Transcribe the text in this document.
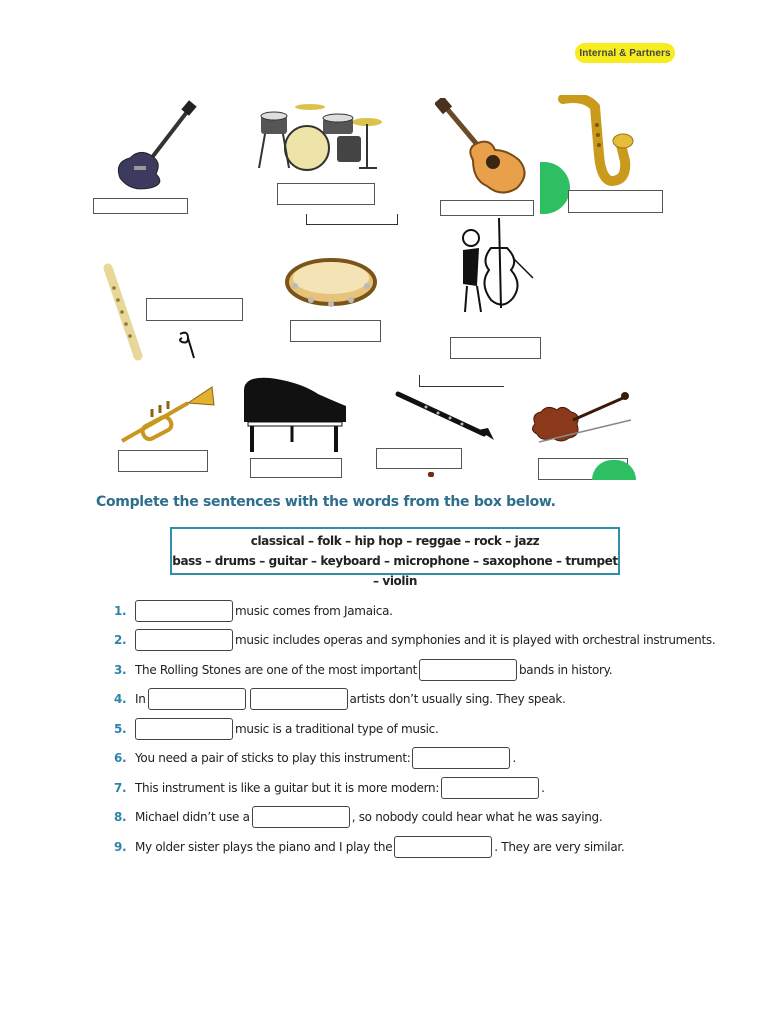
Internal & Partners
Complete the sentences with the words from the box below.
classical – folk – hip hop – reggae – rock – jazz
bass – drums – guitar – keyboard – microphone – saxophone – trumpet – violin
1.	music comes from Jamaica.
2.	music includes operas and symphonies and it is played with orchestral instruments.
3. The Rolling Stones are one of the most important	bands in history.
4. In	artists don’t usually sing. They speak.
5.	music is a traditional type of music.
6. You need a pair of sticks to play this instrument:	.
7. This instrument is like a guitar but it is more modern:	.
8. Michael didn’t use a	, so nobody could hear what he was saying.
9. My older sister plays the piano and I play the	. They are very similar.
